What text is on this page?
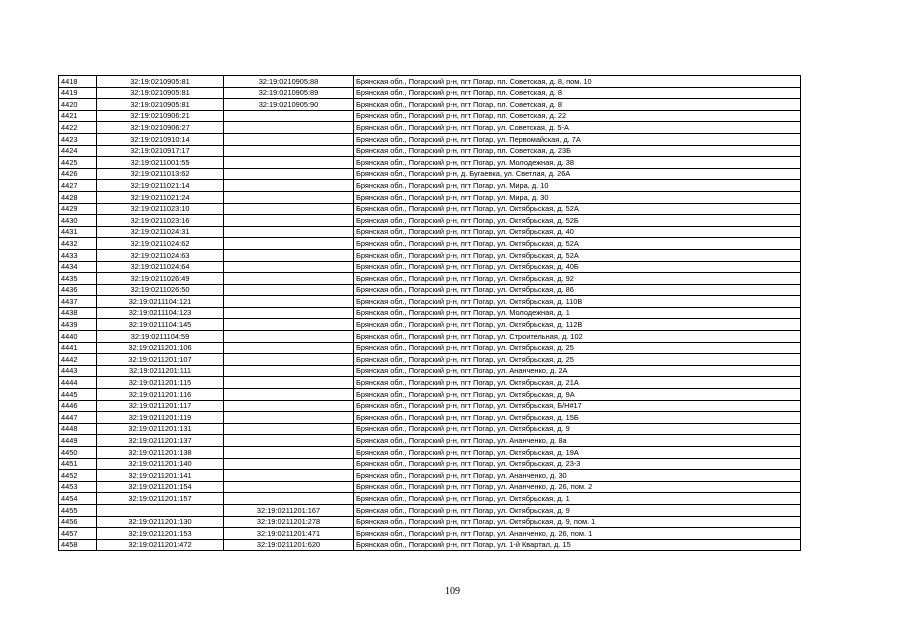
4418	32:19:0210905:81	32:19:0210905:88	Брянская обл., Погарский р-н, пгт Погар, пл. Советская, д. 8, пом. 10
4419	32:19:0210905:81	32:19:0210905:89	Брянская обл., Погарский р-н, пгт Погар, пл. Советская, д. 8
4420	32:19:0210905:81	32:19:0210905:90	Брянская обл., Погарский р-н, пгт Погар, пл. Советская, д. 8
4421	32:19:0210906:21		Брянская обл., Погарский р-н, пгт Погар, пл. Советская, д. 22
4422	32:19:0210906:27		Брянская обл., Погарский р-н, пгт Погар, ул. Советская, д. 5-А
4423	32:19:0210910:14		Брянская обл., Погарский р-н, пгт Погар, ул. Первомайская, д. 7А
4424	32:19:0210917:17		Брянская обл., Погарский р-н, пгт Погар, пл. Советская, д. 23Б
4425	32:19:0211001:55		Брянская обл., Погарский р-н, пгт Погар, ул. Молодежная, д. 38
4426	32:19:0211013:62		Брянская обл., Погарский р-н, д. Бугаевка, ул. Светлая, д. 26А
4427	32:19:0211021:14		Брянская обл., Погарский р-н, пгт Погар, ул. Мира, д. 10
4428	32:19:0211021:24		Брянская обл., Погарский р-н, пгт Погар, ул. Мира, д. 30
4429	32:19:0211023:10		Брянская обл., Погарский р-н, пгт Погар, ул. Октябрьская, д. 52А
4430	32:19:0211023:16		Брянская обл., Погарский р-н, пгт Погар, ул. Октябрьская, д. 52Б
4431	32:19:0211024:31		Брянская обл., Погарский р-н, пгт Погар, ул. Октябрьская, д. 40
4432	32:19:0211024:62		Брянская обл., Погарский р-н, пгт Погар, ул. Октябрьская, д. 52А
4433	32:19:0211024:63		Брянская обл., Погарский р-н, пгт Погар, ул. Октябрьская, д. 52А
4434	32:19:0211024:64		Брянская обл., Погарский р-н, пгт Погар, ул. Октябрьская, д. 40Б
4435	32:19:0211026:49		Брянская обл., Погарский р-н, пгт Погар, ул. Октябрьская, д. 92
4436	32:19:0211026:50		Брянская обл., Погарский р-н, пгт Погар, ул. Октябрьская, д. 86
4437	32:19:0211104:121		Брянская обл., Погарский р-н, пгт Погар, ул. Октябрьская, д. 110В
4438	32:19:0211104:123		Брянская обл., Погарский р-н, пгт Погар, ул. Молодежная, д. 1
4439	32:19:0211104:145		Брянская обл., Погарский р-н, пгт Погар, ул. Октябрьская, д. 112В
4440	32:19:0211104:59		Брянская обл., Погарский р-н, пгт Погар, ул. Строительная, д. 102
4441	32:19:0211201:106		Брянская обл., Погарский р-н, пгт Погар, ул. Октябрьская, д. 25
4442	32:19:0211201:107		Брянская обл., Погарский р-н, пгт Погар, ул. Октябрьская, д. 25
4443	32:19:0211201:111		Брянская обл., Погарский р-н, пгт Погар, ул. Ананченко, д. 2А
4444	32:19:0211201:115		Брянская обл., Погарский р-н, пгт Погар, ул. Октябрьская, д. 21А
4445	32:19:0211201:116		Брянская обл., Погарский р-н, пгт Погар, ул. Октябрьская, д. 9А
4446	32:19:0211201:117		Брянская обл., Погарский р-н, пгт Погар, ул. Октябрьская, Б/Н#17
4447	32:19:0211201:119		Брянская обл., Погарский р-н, пгт Погар, ул. Октябрьская, д. 15Б
4448	32:19:0211201:131		Брянская обл., Погарский р-н, пгт Погар, ул. Октябрьская, д. 9
4449	32:19:0211201:137		Брянская обл., Погарский р-н, пгт Погар, ул. Ананченко, д. 8а
4450	32:19:0211201:138		Брянская обл., Погарский р-н, пгт Погар, ул. Октябрьская, д. 19А
4451	32:19:0211201:140		Брянская обл., Погарский р-н, пгт Погар, ул. Октябрьская, д. 23-3
4452	32:19:0211201:141		Брянская обл., Погарский р-н, пгт Погар, ул. Ананченко, д. 30
4453	32:19:0211201:154		Брянская обл., Погарский р-н, пгт Погар, ул. Ананченко, д. 26, пом. 2
4454	32:19:0211201:157		Брянская обл., Погарский р-н, пгт Погар, ул. Октябрьская, д. 1
4455		32:19:0211201:167	Брянская обл., Погарский р-н, пгт Погар, ул. Октябрьская, д. 9
4456	32:19:0211201:130	32:19:0211201:278	Брянская обл., Погарский р-н, пгт Погар, ул. Октябрьская, д. 9, пом. 1
4457	32:19:0211201:153	32:19:0211201:471	Брянская обл., Погарский р-н, пгт Погар, ул. Ананченко, д. 26, пом. 1
4458	32:19:0211201:472	32:19:0211201:620	Брянская обл., Погарский р-н, пгт Погар, ул. 1-й Квартал, д. 15
109
